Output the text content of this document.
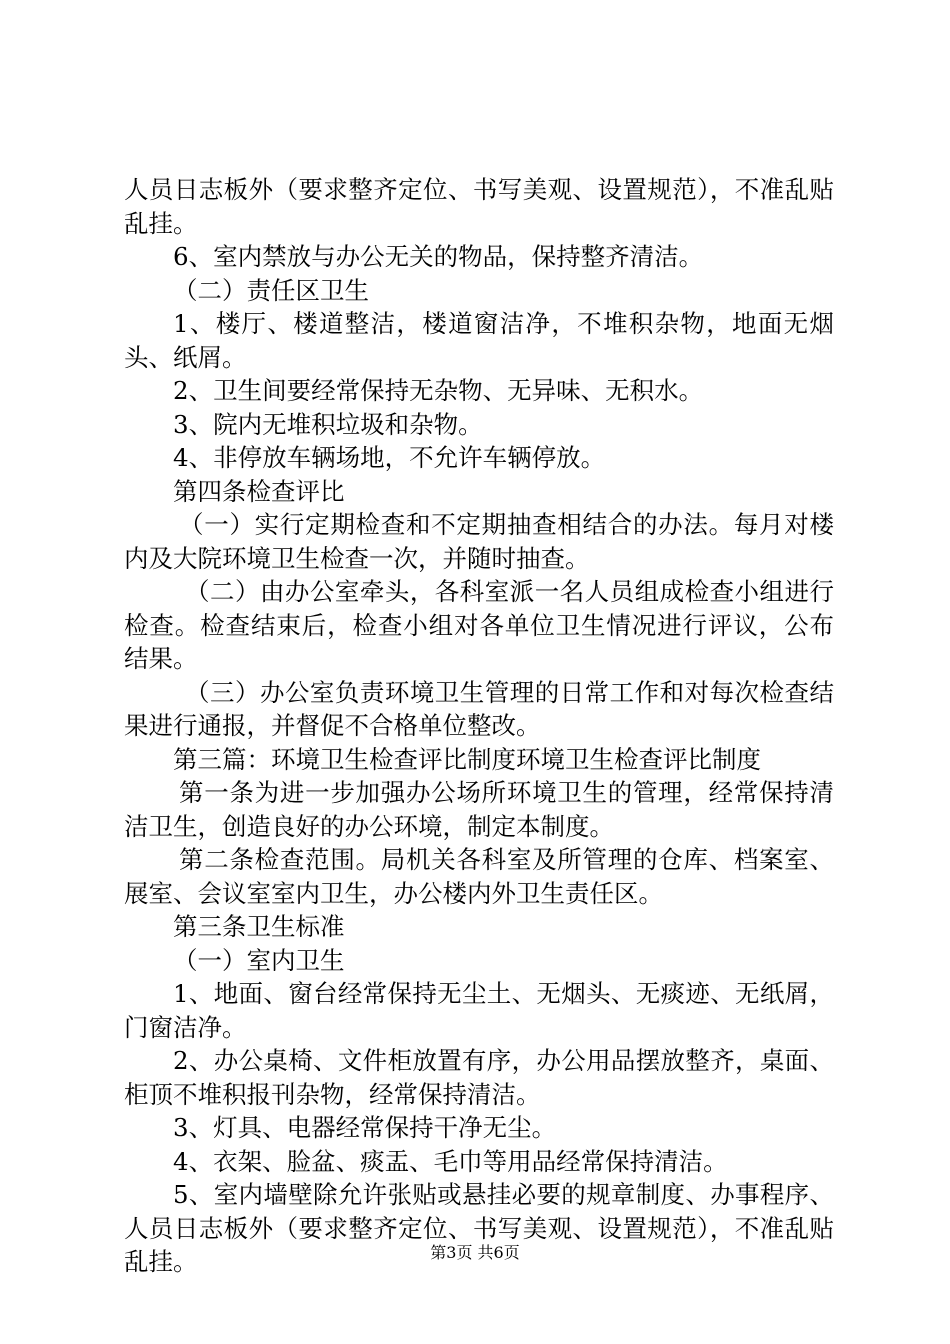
人员日志板外（要求整齐定位、书写美观、设置规范），不准乱贴乱挂。

6、室内禁放与办公无关的物品，保持整齐清洁。

（二）责任区卫生

1、楼厅、楼道整洁，楼道窗洁净，不堆积杂物，地面无烟头、纸屑。

2、卫生间要经常保持无杂物、无异味、无积水。

3、院内无堆积垃圾和杂物。

4、非停放车辆场地，不允许车辆停放。

第四条检查评比

（一）实行定期检查和不定期抽查相结合的办法。每月对楼内及大院环境卫生检查一次，并随时抽查。

（二）由办公室牵头，各科室派一名人员组成检查小组进行检查。检查结束后，检查小组对各单位卫生情况进行评议，公布结果。

（三）办公室负责环境卫生管理的日常工作和对每次检查结果进行通报，并督促不合格单位整改。

第三篇：环境卫生检查评比制度环境卫生检查评比制度

第一条为进一步加强办公场所环境卫生的管理，经常保持清洁卫生，创造良好的办公环境，制定本制度。

第二条检查范围。局机关各科室及所管理的仓库、档案室、展室、会议室室内卫生，办公楼内外卫生责任区。

第三条卫生标准

（一）室内卫生

1、地面、窗台经常保持无尘土、无烟头、无痰迹、无纸屑，门窗洁净。

2、办公桌椅、文件柜放置有序，办公用品摆放整齐，桌面、柜顶不堆积报刊杂物，经常保持清洁。

3、灯具、电器经常保持干净无尘。

4、衣架、脸盆、痰盂、毛巾等用品经常保持清洁。

5、室内墙壁除允许张贴或悬挂必要的规章制度、办事程序、人员日志板外（要求整齐定位、书写美观、设置规范），不准乱贴乱挂。	第3页 共6页
